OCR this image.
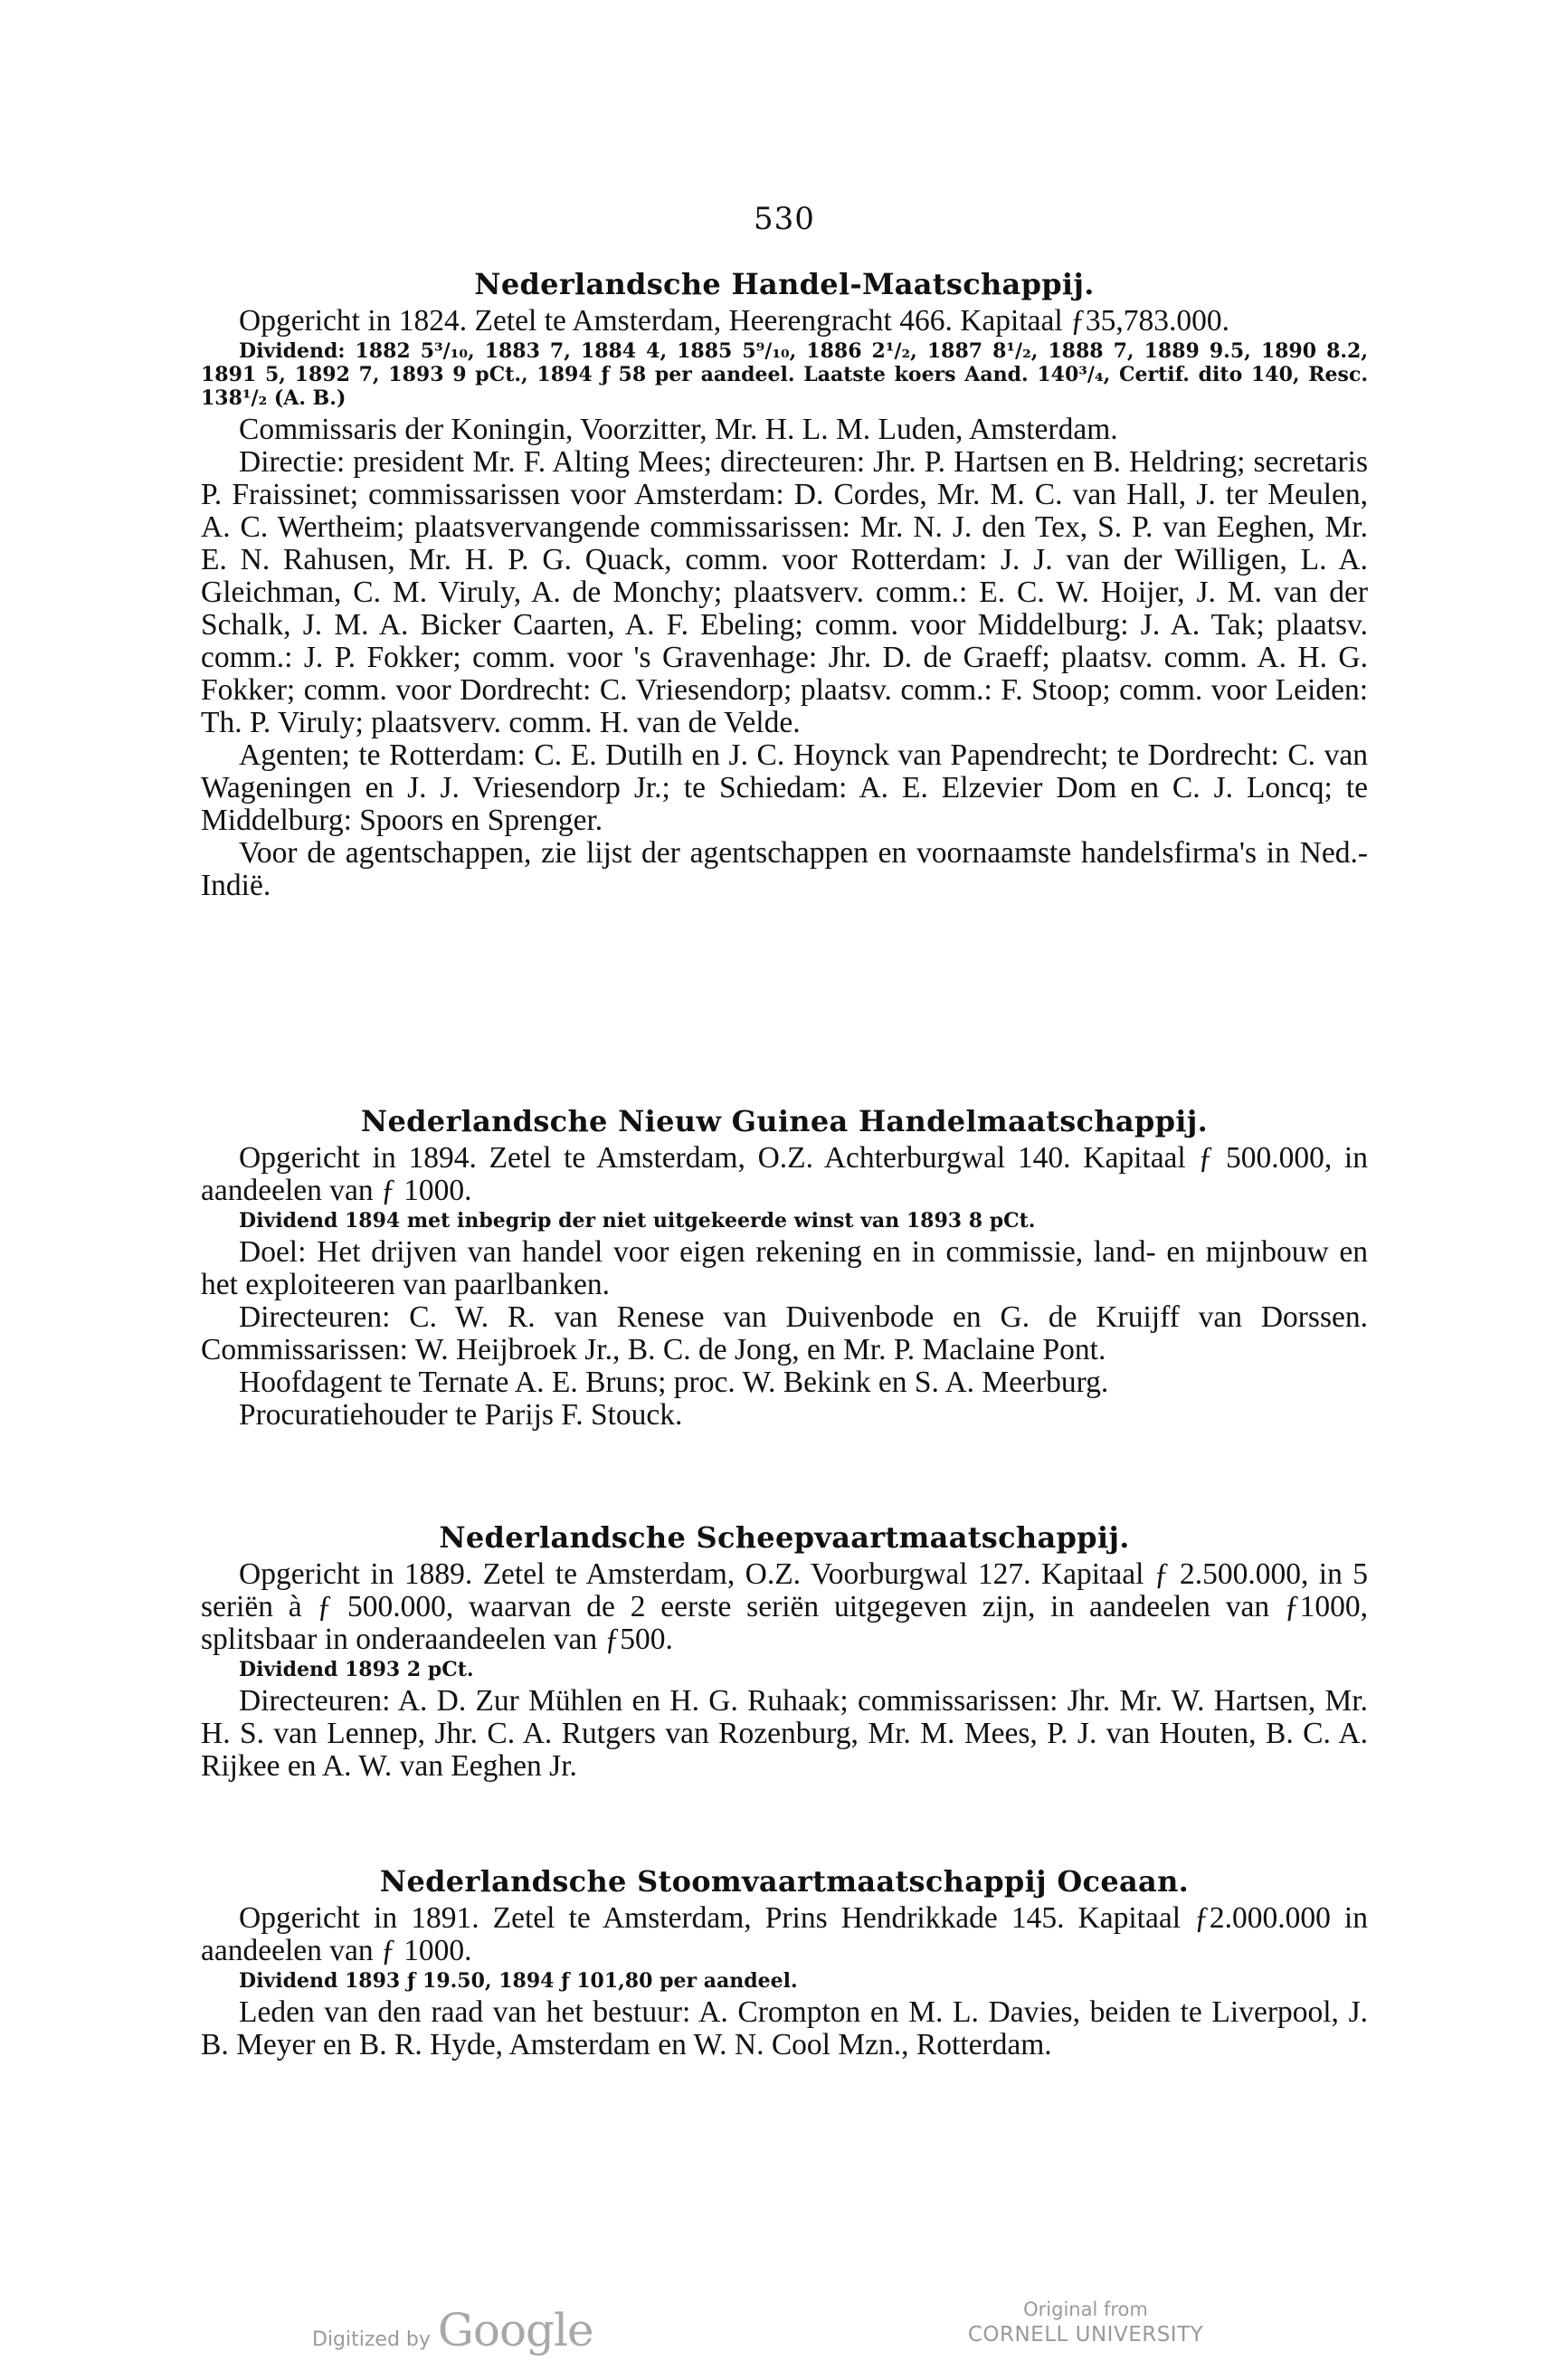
530
Nederlandsche Handel-Maatschappij.

Opgericht in 1824. Zetel te Amsterdam, Heerengracht 466. Kapitaal ƒ35,783.000.

Dividend: 1882 5³/₁₀, 1883 7, 1884 4, 1885 5⁹/₁₀, 1886 2¹/₂, 1887 8¹/₂, 1888 7, 1889 9.5, 1890 8.2, 1891 5, 1892 7, 1893 9 pCt., 1894 ƒ 58 per aandeel. Laatste koers Aand. 140³/₄, Certif. dito 140, Resc. 138¹/₂ (A. B.)

Commissaris der Koningin, Voorzitter, Mr. H. L. M. Luden, Amsterdam.

Directie: president Mr. F. Alting Mees; directeuren: Jhr. P. Hartsen en B. Heldring; secretaris P. Fraissinet; commissarissen voor Amsterdam: D. Cordes, Mr. M. C. van Hall, J. ter Meulen, A. C. Wertheim; plaatsvervangende commissarissen: Mr. N. J. den Tex, S. P. van Eeghen, Mr. E. N. Rahusen, Mr. H. P. G. Quack, comm. voor Rotterdam: J. J. van der Willigen, L. A. Gleichman, C. M. Viruly, A. de Monchy; plaatsverv. comm.: E. C. W. Hoijer, J. M. van der Schalk, J. M. A. Bicker Caarten, A. F. Ebeling; comm. voor Middelburg: J. A. Tak; plaatsv. comm.: J. P. Fokker; comm. voor 's Gravenhage: Jhr. D. de Graeff; plaatsv. comm. A. H. G. Fokker; comm. voor Dordrecht: C. Vriesendorp; plaatsv. comm.: F. Stoop; comm. voor Leiden: Th. P. Viruly; plaatsverv. comm. H. van de Velde.

Agenten; te Rotterdam: C. E. Dutilh en J. C. Hoynck van Papendrecht; te Dordrecht: C. van Wageningen en J. J. Vriesendorp Jr.; te Schiedam: A. E. Elzevier Dom en C. J. Loncq; te Middelburg: Spoors en Sprenger.

Voor de agentschappen, zie lijst der agentschappen en voornaamste handelsfirma's in Ned.-Indië.

Nederlandsche Nieuw Guinea Handelmaatschappij.

Opgericht in 1894. Zetel te Amsterdam, O.Z. Achterburgwal 140. Kapitaal ƒ 500.000, in aandeelen van ƒ 1000.

Dividend 1894 met inbegrip der niet uitgekeerde winst van 1893 8 pCt.

Doel: Het drijven van handel voor eigen rekening en in commissie, land- en mijnbouw en het exploiteeren van paarlbanken.

Directeuren: C. W. R. van Renese van Duivenbode en G. de Kruijff van Dorssen. Commissarissen: W. Heijbroek Jr., B. C. de Jong, en Mr. P. Maclaine Pont.

Hoofdagent te Ternate A. E. Bruns; proc. W. Bekink en S. A. Meerburg.

Procuratiehouder te Parijs F. Stouck.

Nederlandsche Scheepvaartmaatschappij.

Opgericht in 1889. Zetel te Amsterdam, O.Z. Voorburgwal 127. Kapitaal ƒ 2.500.000, in 5 seriën à ƒ 500.000, waarvan de 2 eerste seriën uitgegeven zijn, in aandeelen van ƒ1000, splitsbaar in onderaandeelen van ƒ500.

Dividend 1893 2 pCt.

Directeuren: A. D. Zur Mühlen en H. G. Ruhaak; commissarissen: Jhr. Mr. W. Hartsen, Mr. H. S. van Lennep, Jhr. C. A. Rutgers van Rozenburg, Mr. M. Mees, P. J. van Houten, B. C. A. Rijkee en A. W. van Eeghen Jr.

Nederlandsche Stoomvaartmaatschappij Oceaan.

Opgericht in 1891. Zetel te Amsterdam, Prins Hendrikkade 145. Kapitaal ƒ2.000.000 in aandeelen van ƒ 1000.

Dividend 1893 ƒ 19.50, 1894 ƒ 101,80 per aandeel.

Leden van den raad van het bestuur: A. Crompton en M. L. Davies, beiden te Liverpool, J. B. Meyer en B. R. Hyde, Amsterdam en W. N. Cool Mzn., Rotterdam.

Digitized by Google	Original from
CORNELL UNIVERSITY
